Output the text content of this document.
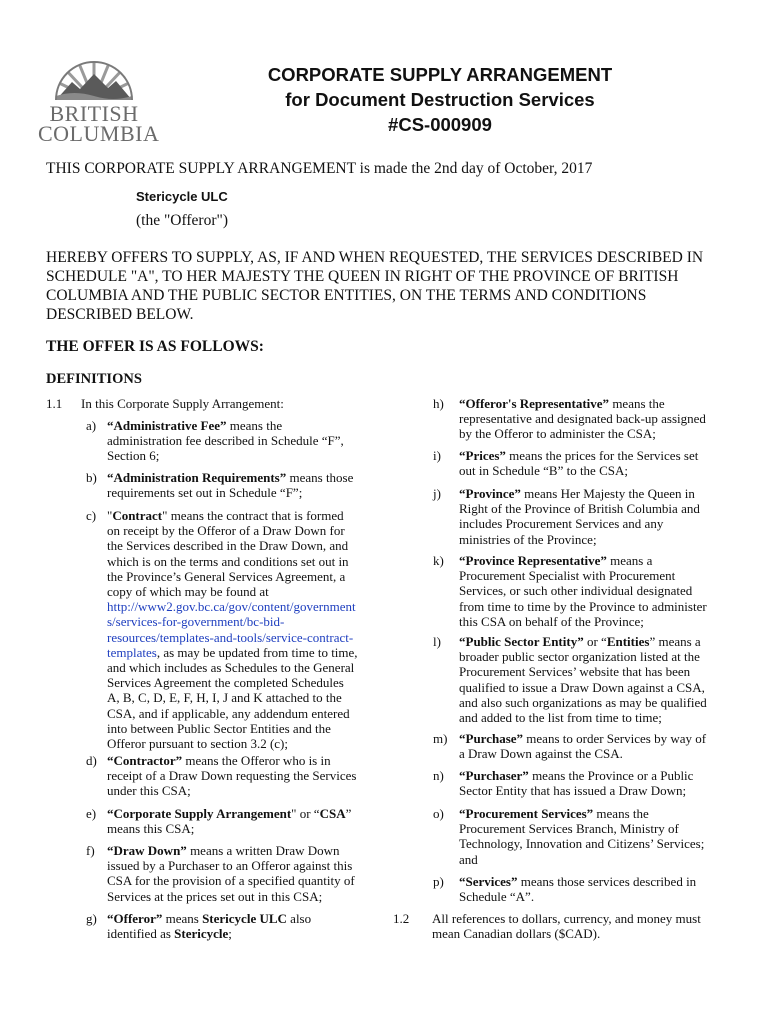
BRITISH
COLUMBIA
CORPORATE SUPPLY ARRANGEMENT
for Document Destruction Services
#CS-000909
THIS CORPORATE SUPPLY ARRANGEMENT is made the 2nd day of October, 2017
Stericycle ULC
(the "Offeror")
HEREBY OFFERS TO SUPPLY, AS, IF AND WHEN REQUESTED, THE SERVICES DESCRIBED IN
SCHEDULE "A", TO HER MAJESTY THE QUEEN IN RIGHT OF THE PROVINCE OF BRITISH
COLUMBIA AND THE PUBLIC SECTOR ENTITIES, ON THE TERMS AND CONDITIONS
DESCRIBED BELOW.
THE OFFER IS AS FOLLOWS:
DEFINITIONS
1.1 In this Corporate Supply Arrangement:
a) “Administrative Fee” means the
administration fee described in Schedule “F”,
Section 6;
b) “Administration Requirements” means those
requirements set out in Schedule “F”;
c) "Contract" means the contract that is formed
on receipt by the Offeror of a Draw Down for
the Services described in the Draw Down, and
which is on the terms and conditions set out in
the Province’s General Services Agreement, a
copy of which may be found at
http://www2.gov.bc.ca/gov/content/government
s/services-for-government/bc-bid-
resources/templates-and-tools/service-contract-
templates, as may be updated from time to time,
and which includes as Schedules to the General
Services Agreement the completed Schedules
A, B, C, D, E, F, H, I, J and K attached to the
CSA, and if applicable, any addendum entered
into between Public Sector Entities and the
Offeror pursuant to section 3.2 (c);
d) “Contractor” means the Offeror who is in
receipt of a Draw Down requesting the Services
under this CSA;
e) “Corporate Supply Arrangement" or “CSA”
means this CSA;
f) “Draw Down” means a written Draw Down
issued by a Purchaser to an Offeror against this
CSA for the provision of a specified quantity of
Services at the prices set out in this CSA;
g) “Offeror” means Stericycle ULC also
identified as Stericycle;
h) “Offeror's Representative” means the
representative and designated back-up assigned
by the Offeror to administer the CSA;
i) “Prices” means the prices for the Services set
out in Schedule “B” to the CSA;
j) “Province” means Her Majesty the Queen in
Right of the Province of British Columbia and
includes Procurement Services and any
ministries of the Province;
k) “Province Representative” means a
Procurement Specialist with Procurement
Services, or such other individual designated
from time to time by the Province to administer
this CSA on behalf of the Province;
l) “Public Sector Entity” or “Entities” means a
broader public sector organization listed at the
Procurement Services’ website that has been
qualified to issue a Draw Down against a CSA,
and also such organizations as may be qualified
and added to the list from time to time;
m) “Purchase” means to order Services by way of
a Draw Down against the CSA.
n) “Purchaser” means the Province or a Public
Sector Entity that has issued a Draw Down;
o) “Procurement Services” means the
Procurement Services Branch, Ministry of
Technology, Innovation and Citizens’ Services;
and
p) “Services” means those services described in
Schedule “A”.
1.2 All references to dollars, currency, and money must
mean Canadian dollars ($CAD).
